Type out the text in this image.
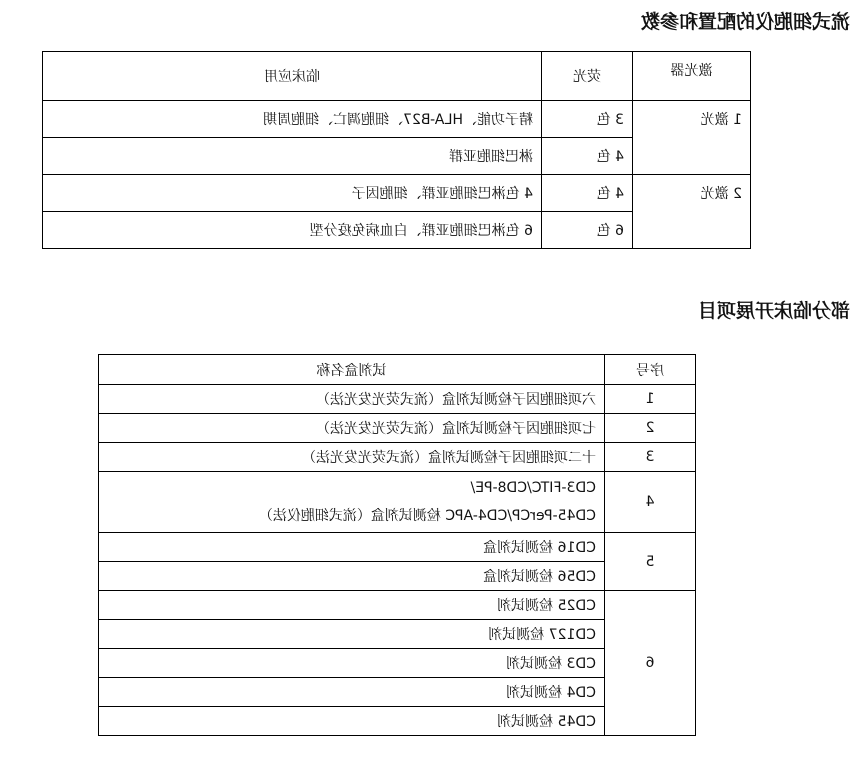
流式细胞仪的配置和参数
激光器	荧光	临床应用
1 激光	3 色	精子功能、HLA-B27、细胞凋亡、细胞周期
	4 色	淋巴细胞亚群
2 激光	4 色	4 色淋巴细胞亚群、细胞因子
	6 色	6 色淋巴细胞亚群、白血病免疫分型
部分临床开展项目
序号	试剂盒名称
1	六项细胞因子检测试剂盒（流式荧光发光法）
2	七项细胞因子检测试剂盒（流式荧光发光法）
3	十二项细胞因子检测试剂盒（流式荧光发光法）
4	CD3-FITC/CD8-PE/
CD45-PerCP/CD4-APC 检测试剂盒（流式细胞仪法）

5	CD16 检测试剂盒
	CD56 检测试剂盒
6	CD25 检测试剂
	CD127 检测试剂
	CD3 检测试剂
	CD4 检测试剂
	CD45 检测试剂
